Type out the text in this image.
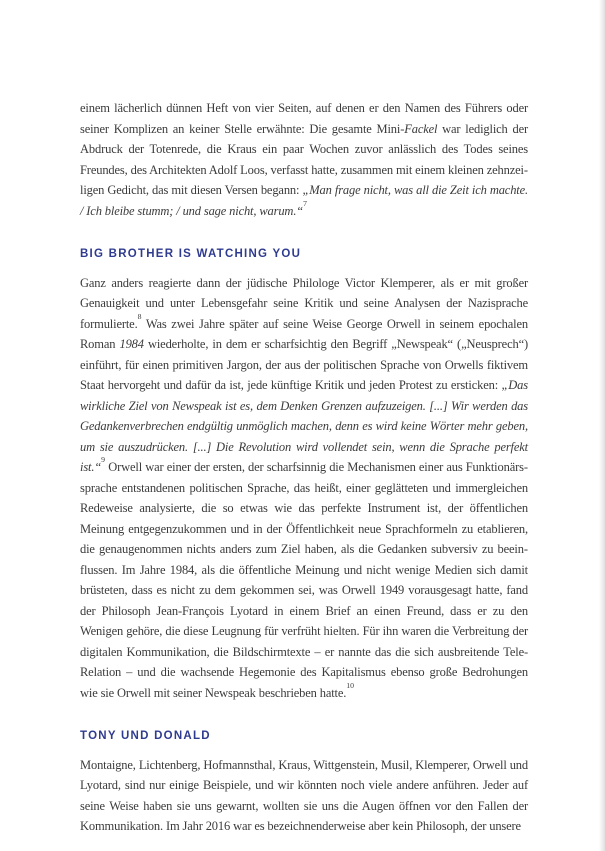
einem lächerlich dünnen Heft von vier Seiten, auf denen er den Namen des Führers oder seiner Komplizen an keiner Stelle erwähnte: Die gesamte Mini-Fackel war lediglich der Abdruck der Totenrede, die Kraus ein paar Wochen zuvor anlässlich des Todes seines Freundes, des Architekten Adolf Loos, verfasst hatte, zusammen mit einem kleinen zehnzeiligen Gedicht, das mit diesen Versen begann: „Man frage nicht, was all die Zeit ich machte. / Ich bleibe stumm; / und sage nicht, warum.“$^7$

BIG BROTHER IS WATCHING YOU

Ganz anders reagierte dann der jüdische Philologe Victor Klemperer, als er mit großer Genauigkeit und unter Lebensgefahr seine Kritik und seine Analysen der Nazisprache formulierte.$^8$ Was zwei Jahre später auf seine Weise George Orwell in seinem epochalen Roman 1984 wiederholte, in dem er scharfsichtig den Begriff „Newspeak“ („Neusprech“) einführt, für einen primitiven Jargon, der aus der politischen Sprache von Orwells fiktivem Staat hervorgeht und dafür da ist, jede künftige Kritik und jeden Protest zu ersticken: „Das wirkliche Ziel von Newspeak ist es, dem Denken Grenzen aufzuzeigen. [...] Wir werden das Gedankenverbrechen endgültig unmöglich machen, denn es wird keine Wörter mehr geben, um sie auszudrücken. [...] Die Revolution wird vollendet sein, wenn die Sprache perfekt ist.“$^9$ Orwell war einer der ersten, der scharfsinnig die Mechanismen einer aus Funktionärssprache entstandenen politischen Sprache, das heißt, einer geglätteten und immergleichen Redeweise analysierte, die so etwas wie das perfekte Instrument ist, der öffentlichen Meinung entgegenzukommen und in der Öffentlichkeit neue Sprachformeln zu etablieren, die genaugenommen nichts anders zum Ziel haben, als die Gedanken subversiv zu beeinflussen. Im Jahre 1984, als die öffentliche Meinung und nicht wenige Medien sich damit brüsteten, dass es nicht zu dem gekommen sei, was Orwell 1949 vorausgesagt hatte, fand der Philosoph Jean-François Lyotard in einem Brief an einen Freund, dass er zu den Wenigen gehöre, die diese Leugnung für verfrüht hielten. Für ihn waren die Verbreitung der digitalen Kommunikation, die Bildschirmtexte – er nannte das die sich ausbreitende Tele-Relation – und die wachsende Hegemonie des Kapitalismus ebenso große Bedrohungen wie sie Orwell mit seiner Newspeak beschrieben hatte.$^{10}$

TONY UND DONALD

Montaigne, Lichtenberg, Hofmannsthal, Kraus, Wittgenstein, Musil, Klemperer, Orwell und Lyotard, sind nur einige Beispiele, und wir könnten noch viele andere anführen. Jeder auf seine Weise haben sie uns gewarnt, wollten sie uns die Augen öffnen vor den Fallen der Kommunikation. Im Jahr 2016 war es bezeichnenderweise aber kein Philosoph, der unsere
